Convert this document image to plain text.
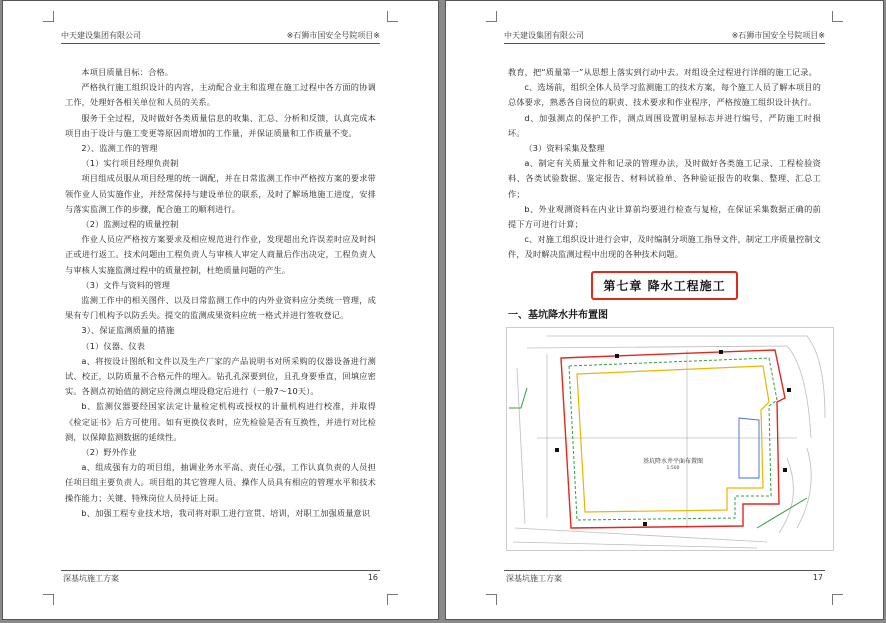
中天建设集团有限公司	※石狮市国安全号院项目※

本项目质量目标：合格。

严格执行施工组织设计的内容，主动配合业主和监理在施工过程中各方面的协调工作，处理好各相关单位和人员的关系。

服务于全过程，及时做好各类质量信息的收集、汇总、分析和反馈，认真完成本项目由于设计与施工变更等原因而增加的工作量，并保证质量和工作质量不变。

2）、监测工作的管理

（1）实行项目经理负责制

项目组成员服从项目经理的统一调配，并在日常监测工作中严格按方案的要求带领作业人员实施作业，并经常保持与建设单位的联系，及时了解场地施工进度，安排与落实监测工作的步骤，配合施工的顺利进行。

（2）监测过程的质量控制

作业人员应严格按方案要求及相应规范进行作业，发现超出允许误差时应及时纠正或进行返工。技术问题由工程负责人与审核人审定人商量后作出决定，工程负责人与审核人实施监测过程中的质量控制，杜绝质量问题的产生。

（3）文件与资料的管理

监测工作中的相关图件、以及日常监测工作中的内外业资料应分类统一管理，成果有专门机构予以防丢失。提交的监测成果资料应统一格式并进行签收登记。

3）、保证监测质量的措施

（1）仪器、仪表

a、将按设计图纸和文件以及生产厂家的产品说明书对所采购的仪器设备进行测试、校正，以防质量不合格元件的埋入。钻孔孔深要到位，且孔身要垂直，回填应密实。各测点初始值的测定应待测点埋设稳定后进行（一般7～10天）。

b、监测仪器要经国家法定计量检定机构或授权的计量机构进行校准，并取得《检定证书》后方可使用。如有更换仪表时，应先检验是否有互换性，并进行对比检测，以保障监测数据的延续性。

（2）野外作业

a、组成强有力的项目组，抽调业务水平高、责任心强，工作认真负责的人员担任项目组主要负责人。项目组的其它管理人员、操作人员具有相应的管理水平和技术操作能力；关键、特殊岗位人员持证上岗。

b、加强工程专业技术培，我司将对职工进行宣贯、培训，对职工加强质量意识

深基坑施工方案	16
中天建设集团有限公司	※石狮市国安全号院项目※

教育，把“质量第一”从思想上落实到行动中去。对组设全过程进行详细的施工记录。

c、选场前，组织全体人员学习监测施工的技术方案，每个施工人员了解本项目的总体要求，熟悉各自岗位的职责、技术要求和作业程序，严格按施工组织设计执行。

d、加强测点的保护工作，测点周围设置明显标志并进行编号，严防施工时损坏。

（3）资料采集及整理

a、制定有关质量文件和记录的管理办法，及时做好各类施工记录、工程检验资料、各类试验数据、鉴定报告、材料试验单、各种验证报告的收集、整理、汇总工作；

b、外业观测资料在内业计算前均要进行检查与复检，在保证采集数据正确的前提下方可进行计算；

c、对施工组织设计进行会审，及时编制分项施工指导文件，制定工序质量控制文件，及时解决监测过程中出现的各种技术问题。

第七章 降水工程施工
一、基坑降水井布置图
基坑降水井平面布置图
1:500
深基坑施工方案	17
